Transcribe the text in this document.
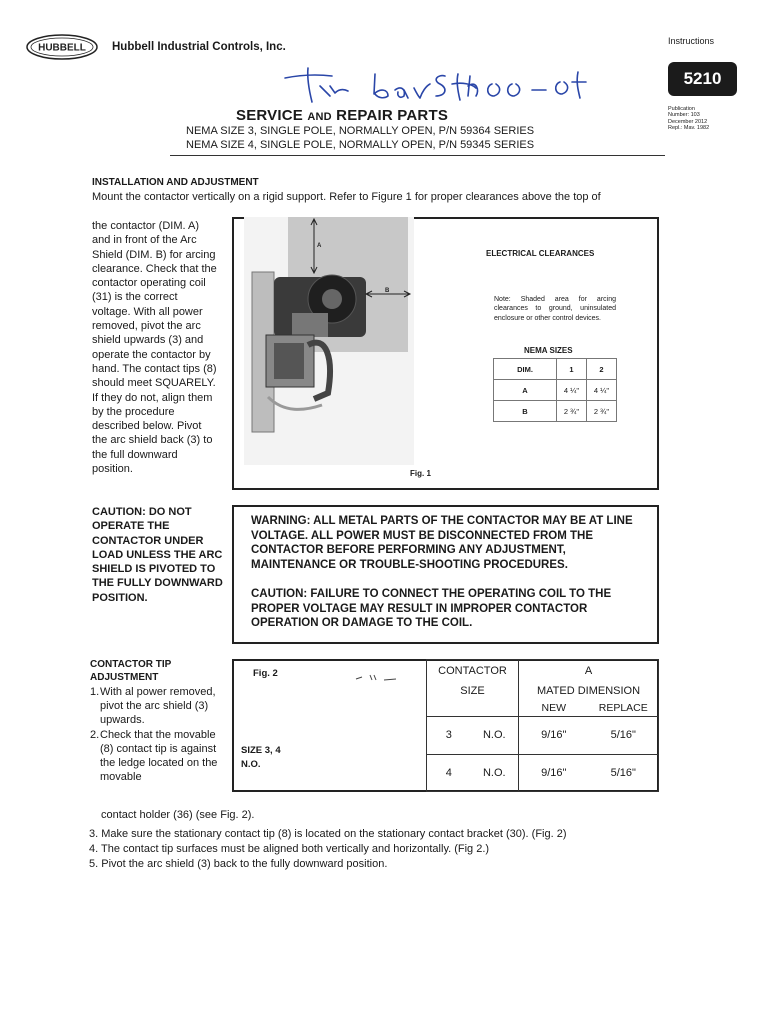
HUBBELL Hubbell Industrial Controls, Inc.	Instructions
5210
Publication
Number: 103
December 2012
Repl.: Mav. 1982
SERVICE AND REPAIR PARTS
NEMA SIZE 3, SINGLE POLE, NORMALLY OPEN, P/N 59364 SERIES
NEMA SIZE 4, SINGLE POLE, NORMALLY OPEN, P/N 59345 SERIES
INSTALLATION AND ADJUSTMENT
Mount the contactor vertically on a rigid support. Refer to Figure 1 for proper clearances above the top of
the contactor (DIM. A) and in front of the Arc Shield (DIM. B) for arcing clearance. Check that the contactor operating coil (31) is the correct voltage. With all power removed, pivot the arc shield upwards (3) and operate the contactor by hand. The contact tips (8) should meet SQUARELY. If they do not, align them by the procedure described below. Pivot the arc shield back (3) to the full downward position.
CAUTION: DO NOT OPERATE THE CONTACTOR UNDER LOAD UNLESS THE ARC SHIELD IS PIVOTED TO THE FULLY DOWNWARD POSITION.
A
B
ELECTRICAL CLEARANCES
Note: Shaded area for arcing clearances to ground, uninsulated enclosure or other control devices.
NEMA SIZES
DIM.	1	2
A	4 ¼"	4 ¼"
B	2 ¾"	2 ¾"
Fig. 1
WARNING: ALL METAL PARTS OF THE CONTACTOR MAY BE AT LINE VOLTAGE. ALL POWER MUST BE DISCONNECTED FROM THE CONTACTOR BEFORE PERFORMING ANY ADJUSTMENT, MAINTENANCE OR TROUBLE-SHOOTING PROCEDURES.
CAUTION: FAILURE TO CONNECT THE OPERATING COIL TO THE PROPER VOLTAGE MAY RESULT IN IMPROPER CONTACTOR OPERATION OR DAMAGE TO THE COIL.
CONTACTOR TIP
ADJUSTMENT
1. With al power removed, pivot the arc shield (3) upwards.
2. Check that the movable (8) contact tip is against the ledge located on the movable
Fig. 2
SIZE 3, 4
N.O.
CONTACTOR		A	
SIZE		MATED DIMENSION	
		NEW	REPLACE
3	N.O.	9/16"	5/16"
4	N.O.	9/16"	5/16"
contact holder (36) (see Fig. 2).
3. Make sure the stationary contact tip (8) is located on the stationary contact bracket (30). (Fig. 2)
4. The contact tip surfaces must be aligned both vertically and horizontally. (Fig 2.)
5. Pivot the arc shield (3) back to the fully downward position.
